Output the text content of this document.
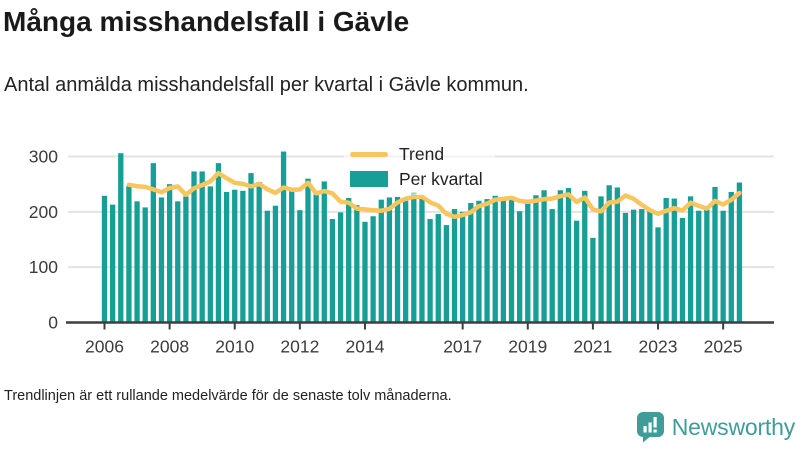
Många misshandelsfall i Gävle

Antal anmälda misshandelsfall per kvartal i Gävle kommun.

0
100
200
300
2006 2008 2010 2012 2014	2017 2019 2021 2023 2025
Trend
Per kvartal

Trendlinjen är ett rullande medelvärde för de senaste tolv månaderna.

Newsworthy
